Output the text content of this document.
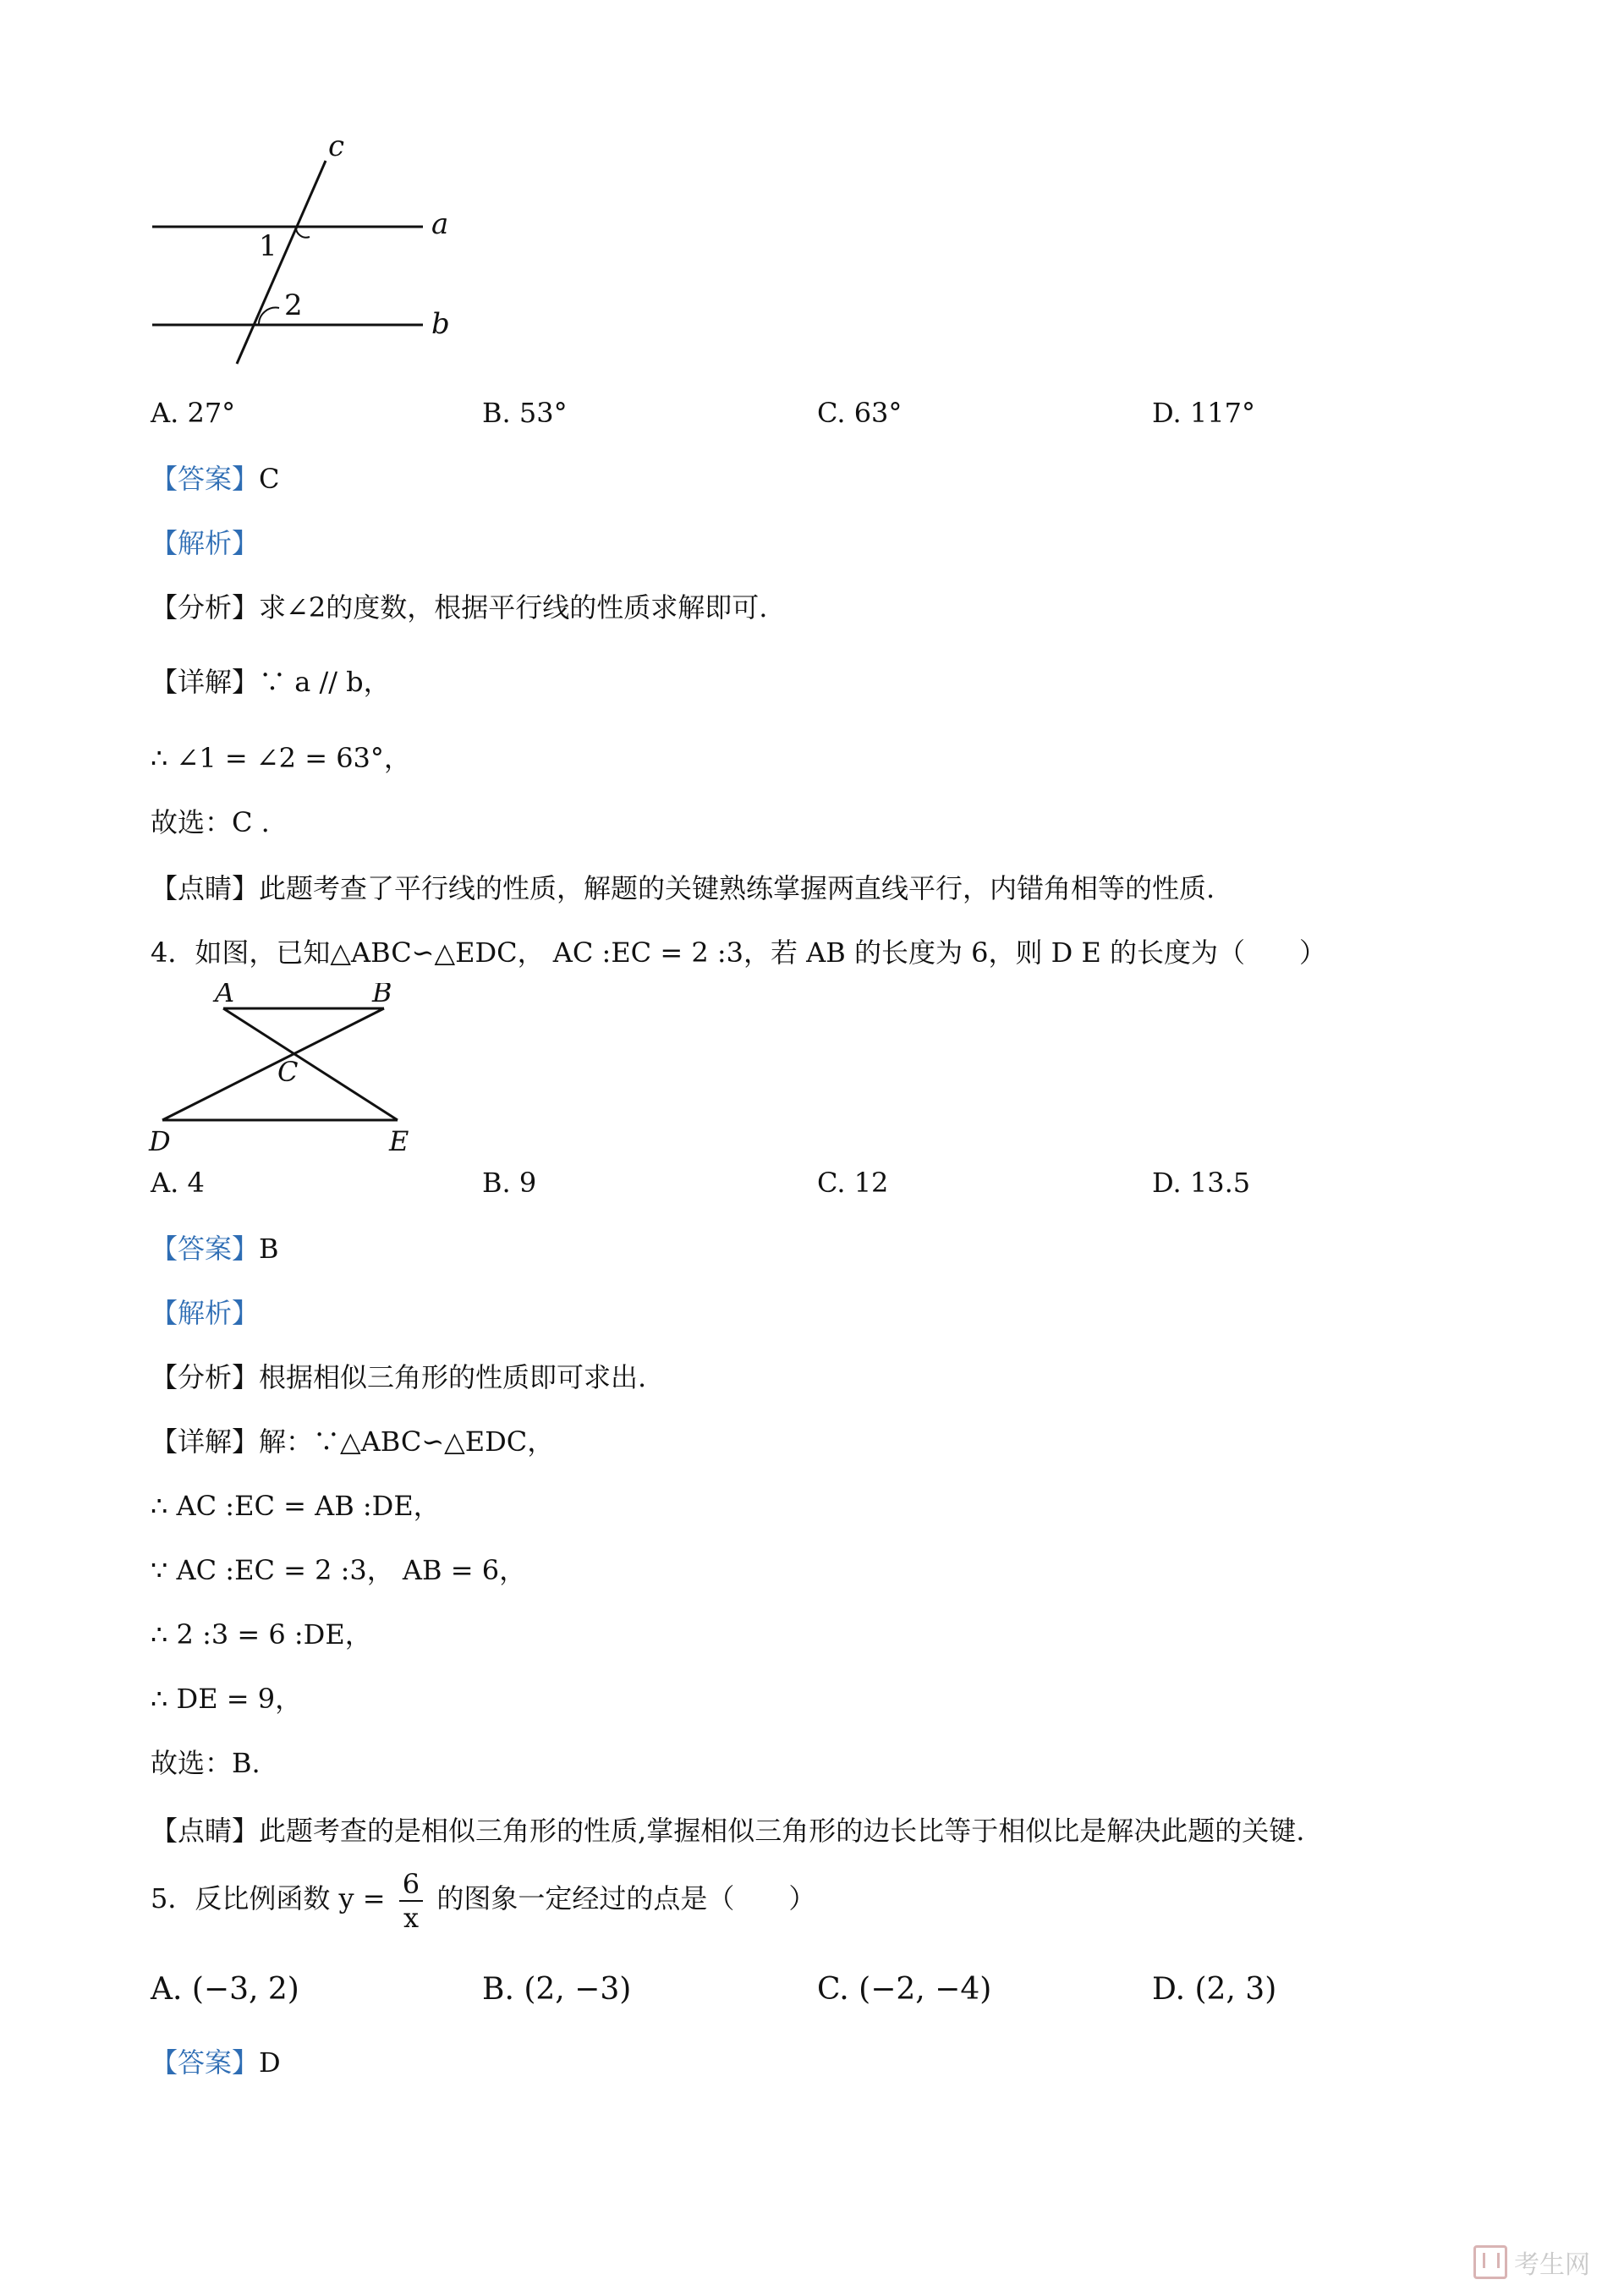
c
a
b
1
2
A. 27°	B. 53°	C. 63°	D. 117°
【答案】C
【解析】
【分析】求∠2的度数，根据平行线的性质求解即可.
【详解】∵ a // b，
∴ ∠1 = ∠2 = 63°，
故选：C .
【点睛】此题考查了平行线的性质，解题的关键熟练掌握两直线平行，内错角相等的性质.
4．如图，已知△ABC∽△EDC， AC :EC = 2 :3，若 AB 的长度为 6，则 D E 的长度为（　　）
A	B
C
D	E
A. 4	B. 9	C. 12	D. 13.5
【答案】B
【解析】
【分析】根据相似三角形的性质即可求出.
【详解】解：∵△ABC∽△EDC，
∴ AC :EC = AB :DE，
∵ AC :EC = 2 :3， AB = 6，
∴ 2 :3 = 6 :DE，
∴ DE = 9，
故选：B.
【点睛】此题考查的是相似三角形的性质,掌握相似三角形的边长比等于相似比是解决此题的关键.
5．反比例函数 $y = \frac{6}{x}$ 的图象一定经过的点是（　　）
A. (−3, 2)	B. (2, −3)	C. (−2, −4)	D. (2, 3)
【答案】D
考生网
